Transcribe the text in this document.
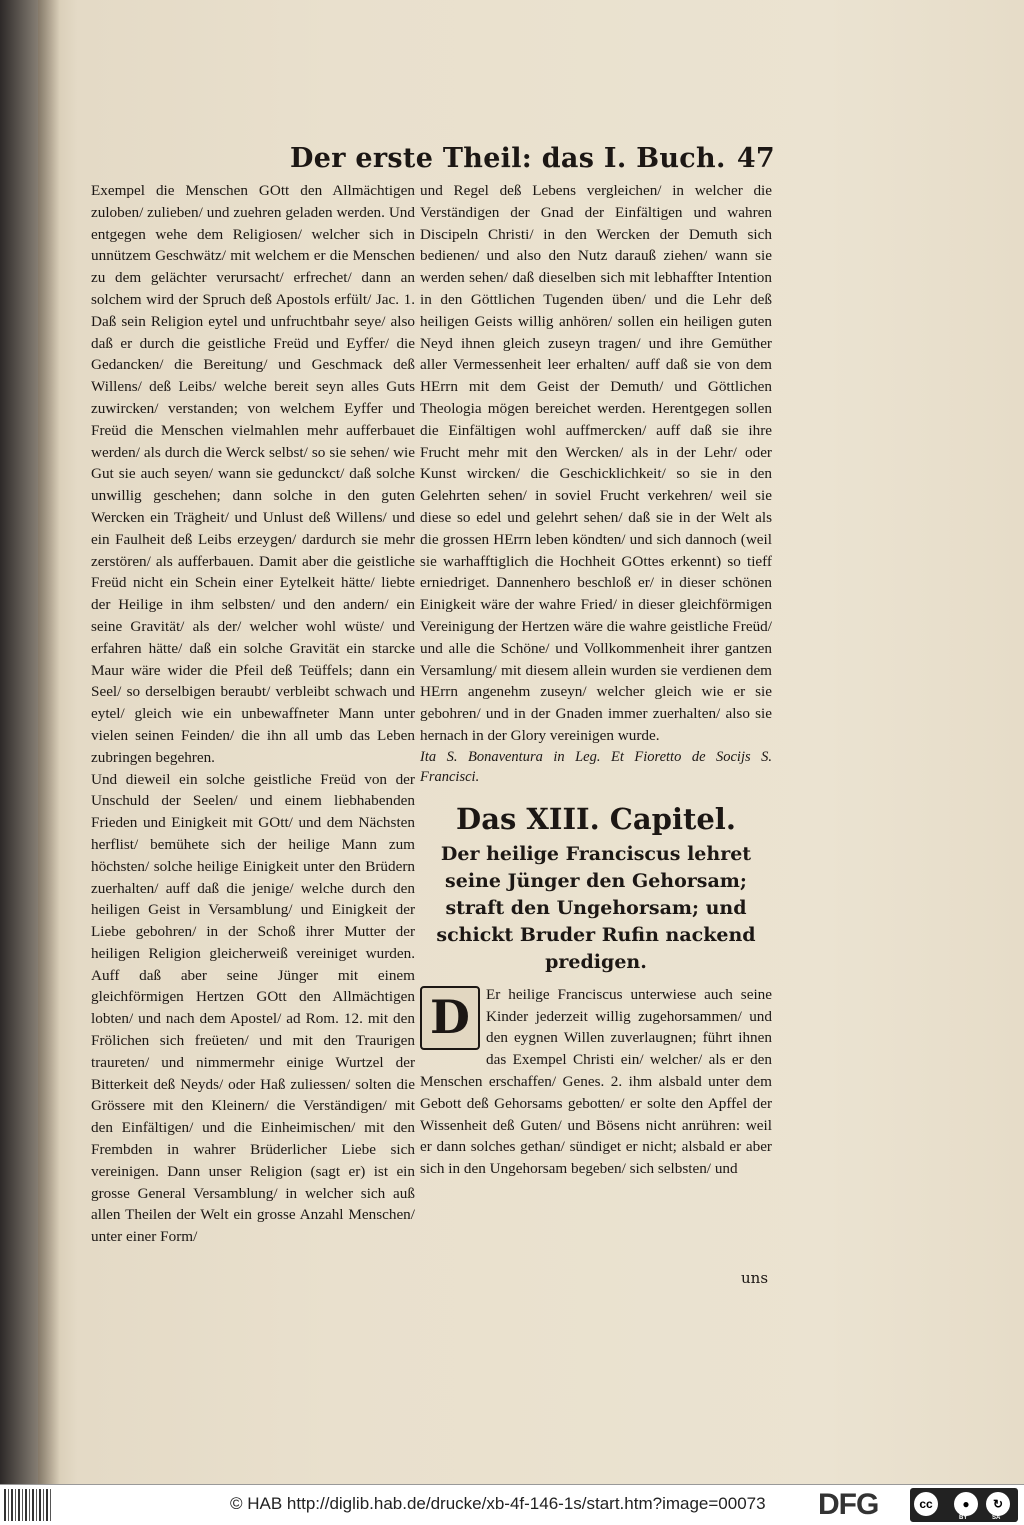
Der erste Theil: das I. Buch. 47

Exempel die Menschen GOtt den Allmächtigen zuloben/ zulieben/ und zuehren geladen werden. Und entgegen wehe dem Religiosen/ welcher sich in unnützem Geschwätz/ mit welchem er die Menschen zu dem gelächter verursacht/ erfrechet/ dann an solchem wird der Spruch deß Apostols erfült/ Jac. 1. Daß sein Religion eytel und unfruchtbahr seye/ also daß er durch die geistliche Freüd und Eyffer/ die Gedancken/ die Bereitung/ und Geschmack deß Willens/ deß Leibs/ welche bereit seyn alles Guts zuwircken/ verstanden; von welchem Eyffer und Freüd die Menschen vielmahlen mehr aufferbauet werden/ als durch die Werck selbst/ so sie sehen/ wie Gut sie auch seyen/ wann sie gedunckct/ daß solche unwillig geschehen; dann solche in den guten Wercken ein Trägheit/ und Unlust deß Willens/ und ein Faulheit deß Leibs erzeygen/ dardurch sie mehr zerstören/ als aufferbauen. Damit aber die geistliche Freüd nicht ein Schein einer Eytelkeit hätte/ liebte der Heilige in ihm selbsten/ und den andern/ ein seine Gravität/ als der/ welcher wohl wüste/ und erfahren hätte/ daß ein solche Gravität ein starcke Maur wäre wider die Pfeil deß Teüffels; dann ein Seel/ so derselbigen beraubt/ verbleibt schwach und eytel/ gleich wie ein unbewaffneter Mann unter vielen seinen Feinden/ die ihn all umb das Leben zubringen begehren.

Und dieweil ein solche geistliche Freüd von der Unschuld der Seelen/ und einem liebhabenden Frieden und Einigkeit mit GOtt/ und dem Nächsten herflist/ bemühete sich der heilige Mann zum höchsten/ solche heilige Einigkeit unter den Brüdern zuerhalten/ auff daß die jenige/ welche durch den heiligen Geist in Versamblung/ und Einigkeit der Liebe gebohren/ in der Schoß ihrer Mutter der heiligen Religion gleicherweiß vereiniget wurden. Auff daß aber seine Jünger mit einem gleichförmigen Hertzen GOtt den Allmächtigen lobten/ und nach dem Apostel/ ad Rom. 12. mit den Frölichen sich freüeten/ und mit den Traurigen traureten/ und nimmermehr einige Wurtzel der Bitterkeit deß Neyds/ oder Haß zuliessen/ solten die Grössere mit den Kleinern/ die Verständigen/ mit den Einfältigen/ und die Einheimischen/ mit den Frembden in wahrer Brüderlicher Liebe sich vereinigen. Dann unser Religion (sagt er) ist ein grosse General Versamblung/ in welcher sich auß allen Theilen der Welt ein grosse Anzahl Menschen/ unter einer Form/

und Regel deß Lebens vergleichen/ in welcher die Verständigen der Gnad der Einfältigen und wahren Discipeln Christi/ in den Wercken der Demuth sich bedienen/ und also den Nutz darauß ziehen/ wann sie werden sehen/ daß dieselben sich mit lebhaffter Intention in den Göttlichen Tugenden üben/ und die Lehr deß heiligen Geists willig anhören/ sollen ein heiligen guten Neyd ihnen gleich zuseyn tragen/ und ihre Gemüther aller Vermessenheit leer erhalten/ auff daß sie von dem HErrn mit dem Geist der Demuth/ und Göttlichen Theologia mögen bereichet werden. Herentgegen sollen die Einfältigen wohl auffmercken/ auff daß sie ihre Frucht mehr mit den Wercken/ als in der Lehr/ oder Kunst wircken/ die Geschicklichkeit/ so sie in den Gelehrten sehen/ in soviel Frucht verkehren/ weil sie diese so edel und gelehrt sehen/ daß sie in der Welt als die grossen HErrn leben köndten/ und sich dannoch (weil sie warhafftiglich die Hochheit GOttes erkennt) so tieff erniedriget. Dannenhero beschloß er/ in dieser schönen Einigkeit wäre der wahre Fried/ in dieser gleichförmigen Vereinigung der Hertzen wäre die wahre geistliche Freüd/ und alle die Schöne/ und Vollkommenheit ihrer gantzen Versamlung/ mit diesem allein wurden sie verdienen dem HErrn angenehm zuseyn/ welcher gleich wie er sie gebohren/ und in der Gnaden immer zuerhalten/ also sie hernach in der Glory vereinigen wurde.

Ita S. Bonaventura in Leg. Et Fioretto de Socijs S. Francisci.

Das XIII. Capitel.
Der heilige Franciscus lehret seine Jünger den Gehorsam; straft den Ungehorsam; und schickt Bruder Rufin nackend predigen.
D	Er heilige Franciscus unterwiese auch seine Kinder jederzeit willig zugehorsammen/ und den eygnen Willen zuverlaugnen; führt ihnen das Exempel Christi ein/ welcher/ als er den Menschen erschaffen/ Genes. 2. ihm alsbald unter dem Gebott deß Gehorsams gebotten/ er solte den Apffel der Wissenheit deß Guten/ und Bösens nicht anrühren: weil er dann solches gethan/ sündiget er nicht; alsbald er aber sich in den Ungehorsam begeben/ sich selbsten/ und

uns
© HAB http://diglib.hab.de/drucke/xb-4f-146-1s/start.htm?image=00073 DFG	cc	●	↻
BY	SA
